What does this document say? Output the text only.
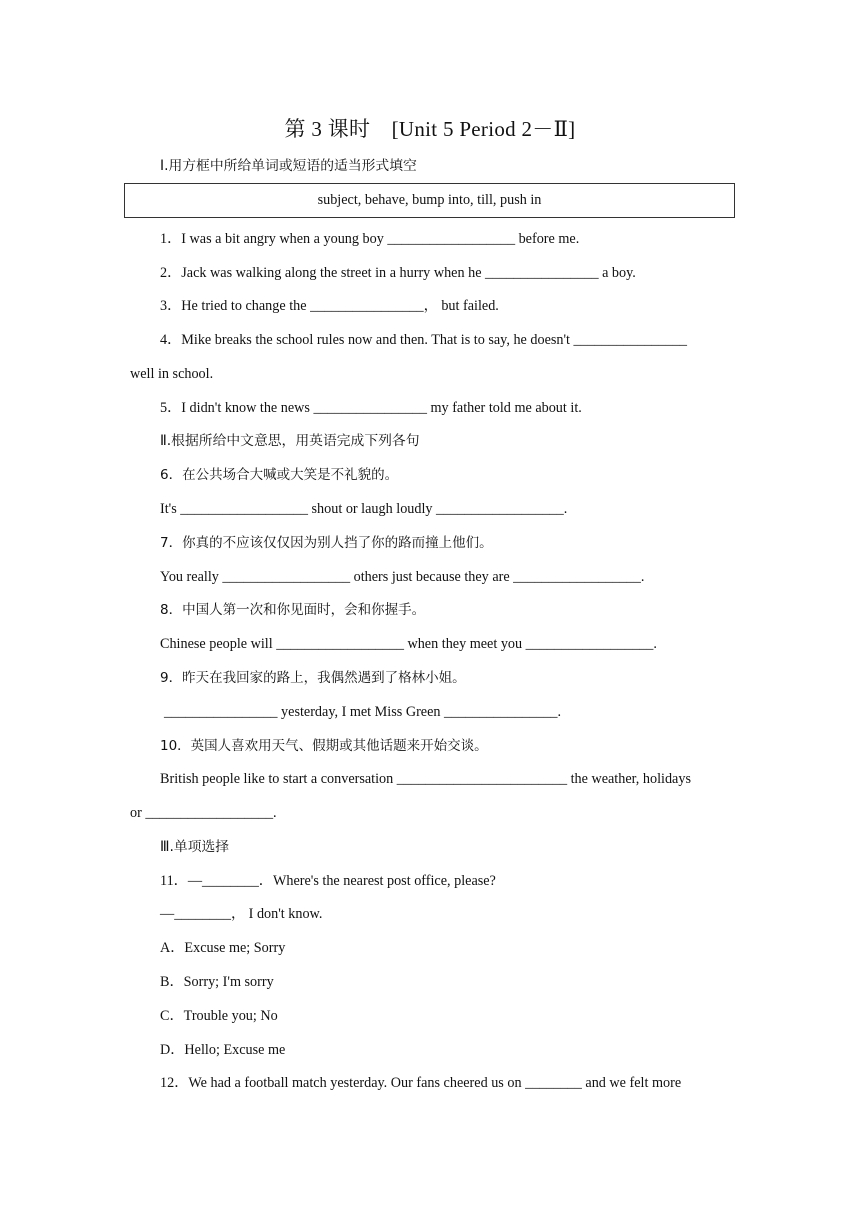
第 3 课时　[Unit 5 Period 2－Ⅱ]
Ⅰ.用方框中所给单词或短语的适当形式填空
subject, behave, bump into, till, push in
1．I was a bit angry when a young boy __________________ before me.
2．Jack was walking along the street in a hurry when he ________________ a boy.
3．He tried to change the ________________， but failed.
4．Mike breaks the school rules now and then. That is to say, he doesn't ________________
well in school.
5．I didn't know the news ________________ my father told me about it.
Ⅱ.根据所给中文意思，用英语完成下列各句
6．在公共场合大喊或大笑是不礼貌的。
It's __________________ shout or laugh loudly __________________.
7．你真的不应该仅仅因为别人挡了你的路而撞上他们。
You really __________________ others just because they are __________________.
8．中国人第一次和你见面时，会和你握手。
Chinese people will __________________ when they meet you __________________.
9．昨天在我回家的路上，我偶然遇到了格林小姐。
________________ yesterday, I met Miss Green ________________.
10．英国人喜欢用天气、假期或其他话题来开始交谈。
British people like to start a conversation ________________________ the weather, holidays
or __________________.
Ⅲ.单项选择
11．—________．Where's the nearest post office, please?
—________， I don't know.
A．Excuse me; Sorry
B．Sorry; I'm sorry
C．Trouble you; No
D．Hello; Excuse me
12．We had a football match yesterday. Our fans cheered us on ________ and we felt more
